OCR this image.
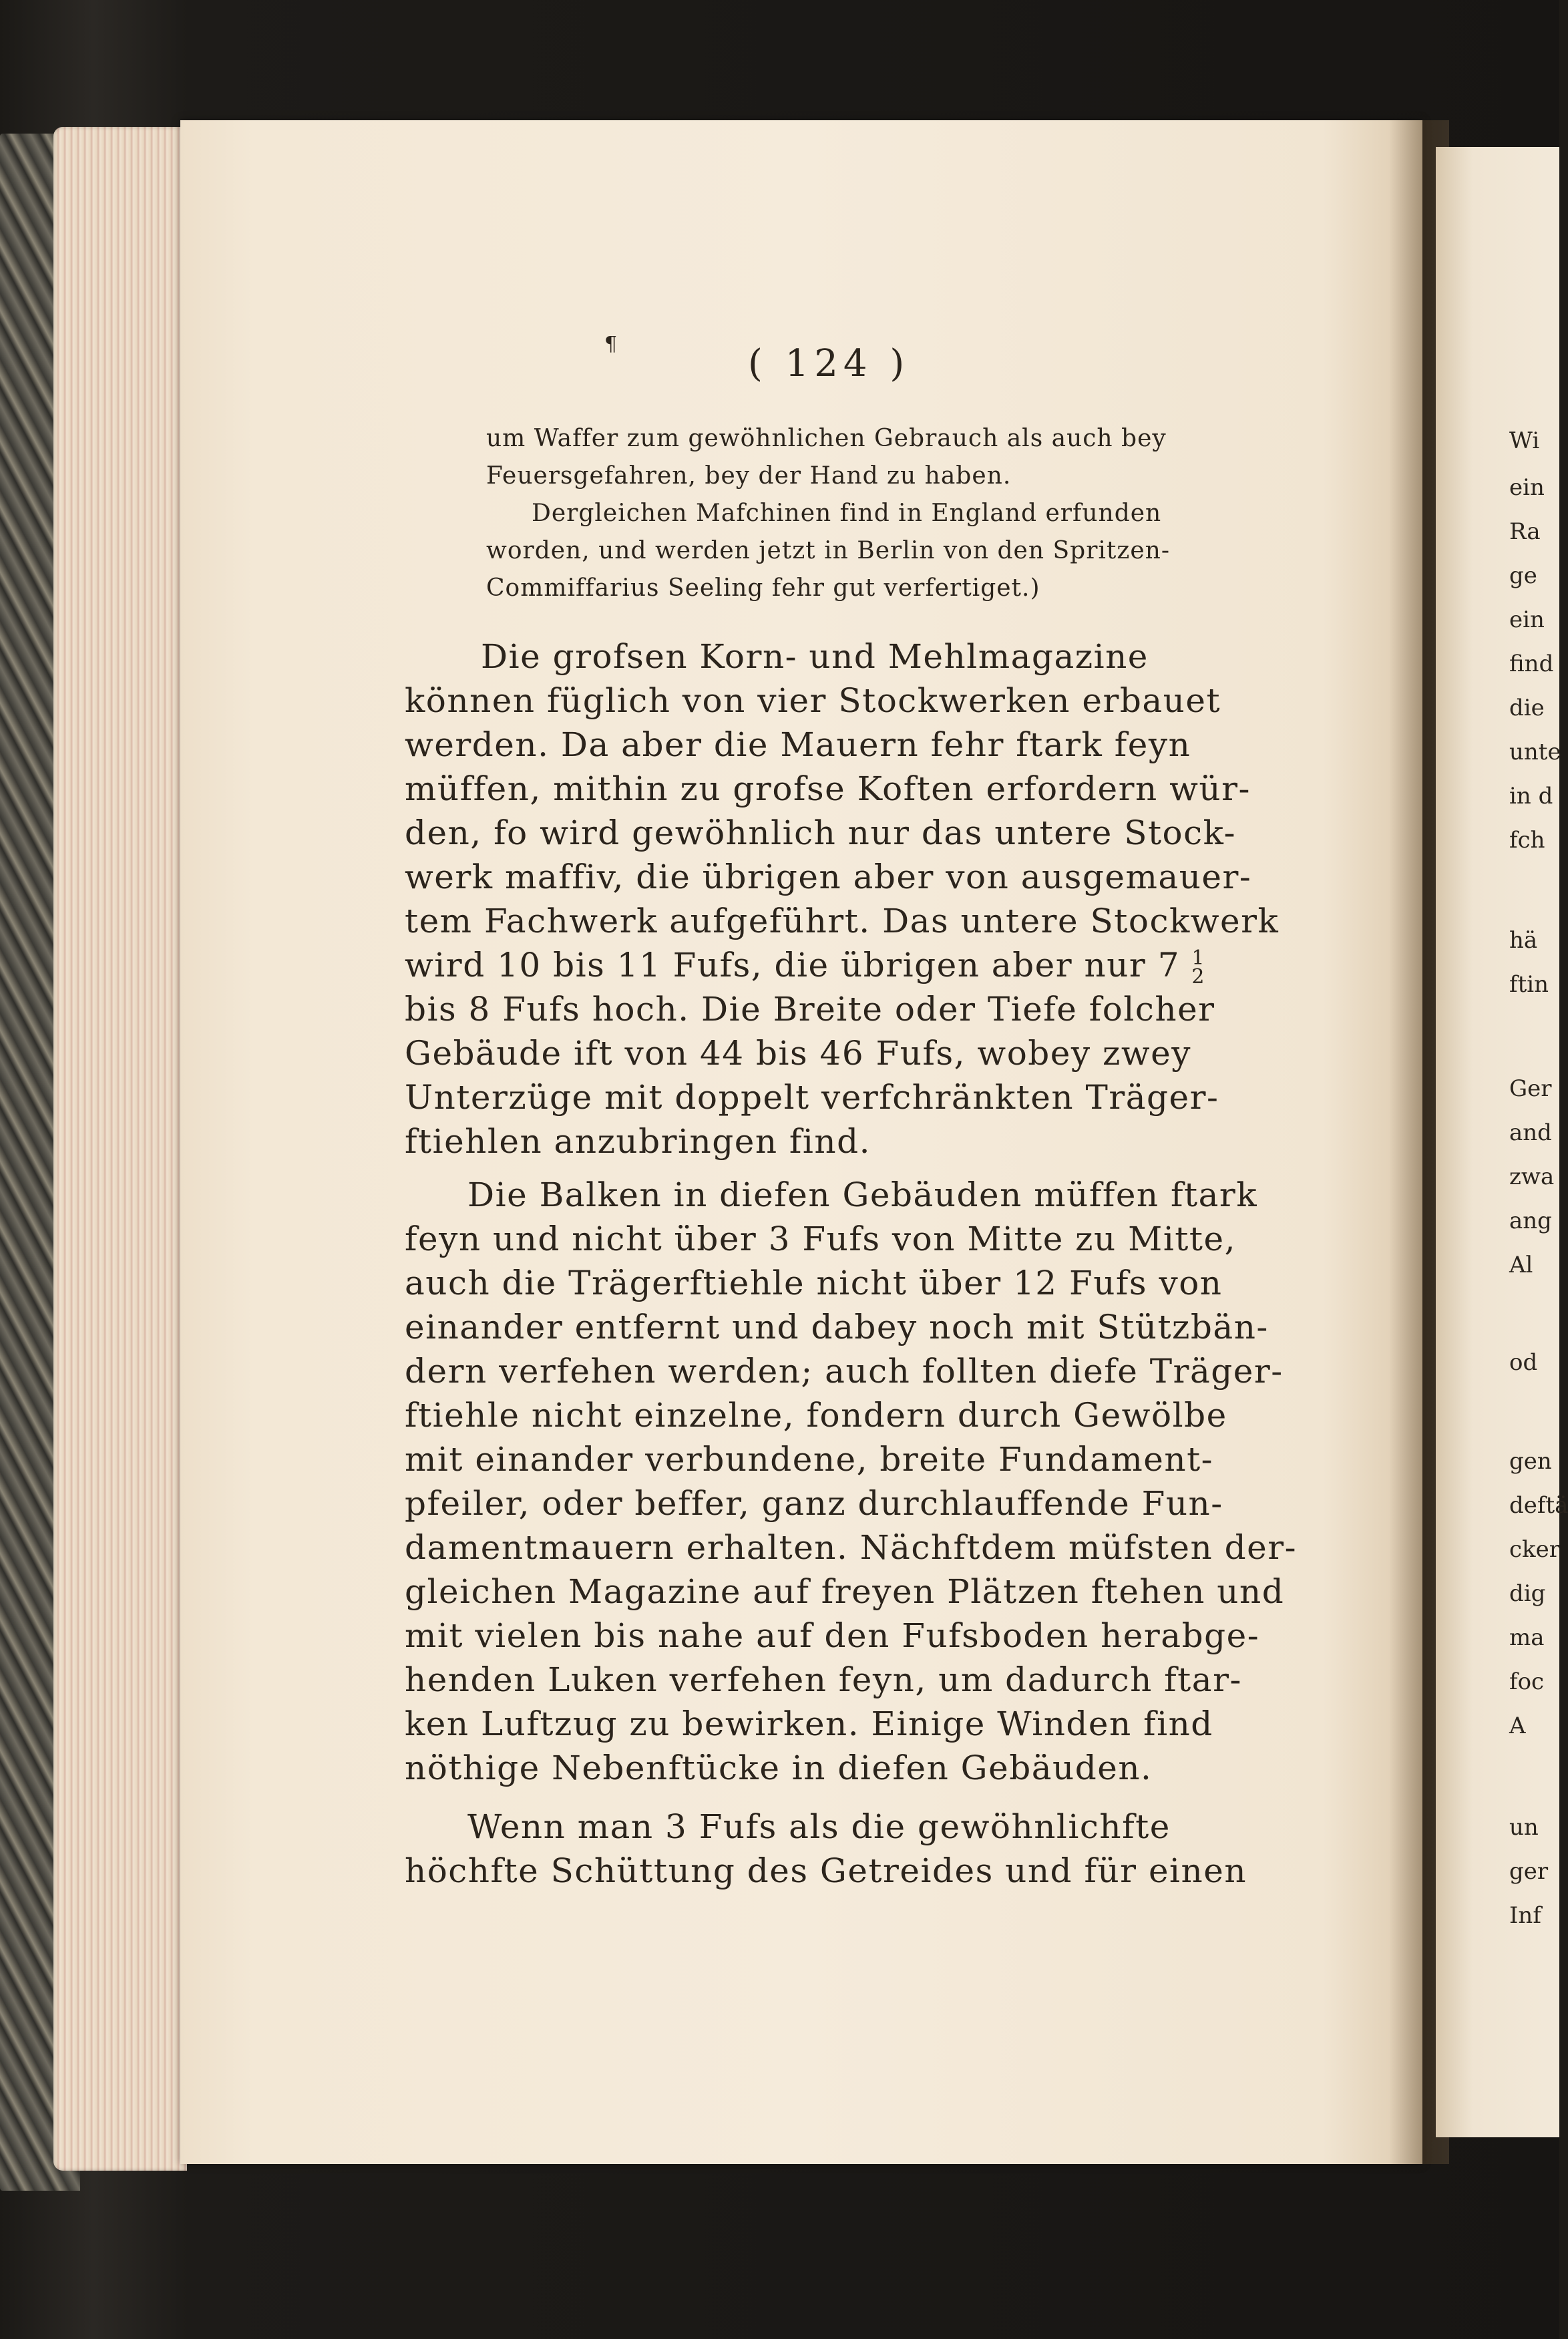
Wi
ein
Ra
ge
ein
find
die
unte
in d
fch
hä
ftin
Ger
and
zwa
ang
Al
od
gen
deftä
cker
dig
ma
foc
A
un
ger
Inf
¶	( 124 )
um Waffer zum gewöhnlichen Gebrauch als auch bey
Feuersgefahren, bey der Hand zu haben.
Dergleichen Mafchinen find in England erfunden
worden, und werden jetzt in Berlin von den Spritzen-
Commiffarius Seeling fehr gut verfertiget.)
Die grofsen Korn- und Mehlmagazine
können füglich von vier Stockwerken erbauet
werden. Da aber die Mauern fehr ftark feyn
müffen, mithin zu grofse Koften erfordern wür-
den, fo wird gewöhnlich nur das untere Stock-
werk maffiv, die übrigen aber von ausgemauer-
tem Fachwerk aufgeführt. Das untere Stockwerk
wird 10 bis 11 Fufs, die übrigen aber nur 7 1
2
bis 8 Fufs hoch. Die Breite oder Tiefe folcher
Gebäude ift von 44 bis 46 Fufs, wobey zwey
Unterzüge mit doppelt verfchränkten Träger-
ftiehlen anzubringen find.
Die Balken in diefen Gebäuden müffen ftark
feyn und nicht über 3 Fufs von Mitte zu Mitte,
auch die Trägerftiehle nicht über 12 Fufs von
einander entfernt und dabey noch mit Stützbän-
dern verfehen werden; auch follten diefe Träger-
ftiehle nicht einzelne, fondern durch Gewölbe
mit einander verbundene, breite Fundament-
pfeiler, oder beffer, ganz durchlauffende Fun-
damentmauern erhalten. Nächftdem müfsten der-
gleichen Magazine auf freyen Plätzen ftehen und
mit vielen bis nahe auf den Fufsboden herabge-
henden Luken verfehen feyn, um dadurch ftar-
ken Luftzug zu bewirken. Einige Winden find
nöthige Nebenftücke in diefen Gebäuden.
Wenn man 3 Fufs als die gewöhnlichfte
höchfte Schüttung des Getreides und für einen
